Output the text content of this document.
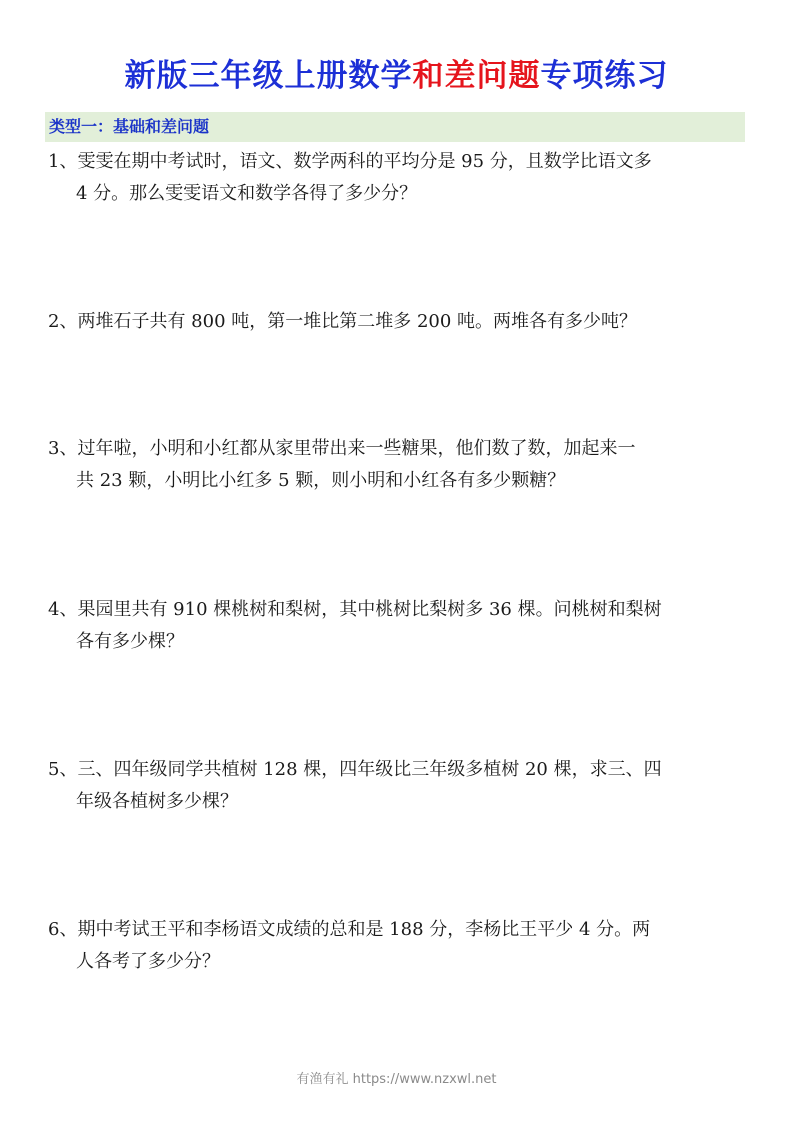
新版三年级上册数学和差问题专项练习
类型一：基础和差问题
1、雯雯在期中考试时，语文、数学两科的平均分是 95 分，且数学比语文多
4 分。那么雯雯语文和数学各得了多少分？
2、两堆石子共有 800 吨，第一堆比第二堆多 200 吨。两堆各有多少吨？
3、过年啦，小明和小红都从家里带出来一些糖果，他们数了数，加起来一
共 23 颗，小明比小红多 5 颗，则小明和小红各有多少颗糖？
4、果园里共有 910 棵桃树和梨树，其中桃树比梨树多 36 棵。问桃树和梨树
各有多少棵？
5、三、四年级同学共植树 128 棵，四年级比三年级多植树 20 棵，求三、四
年级各植树多少棵？
6、期中考试王平和李杨语文成绩的总和是 188 分，李杨比王平少 4 分。两
人各考了多少分？
有渔有礼 https://www.nzxwl.net
